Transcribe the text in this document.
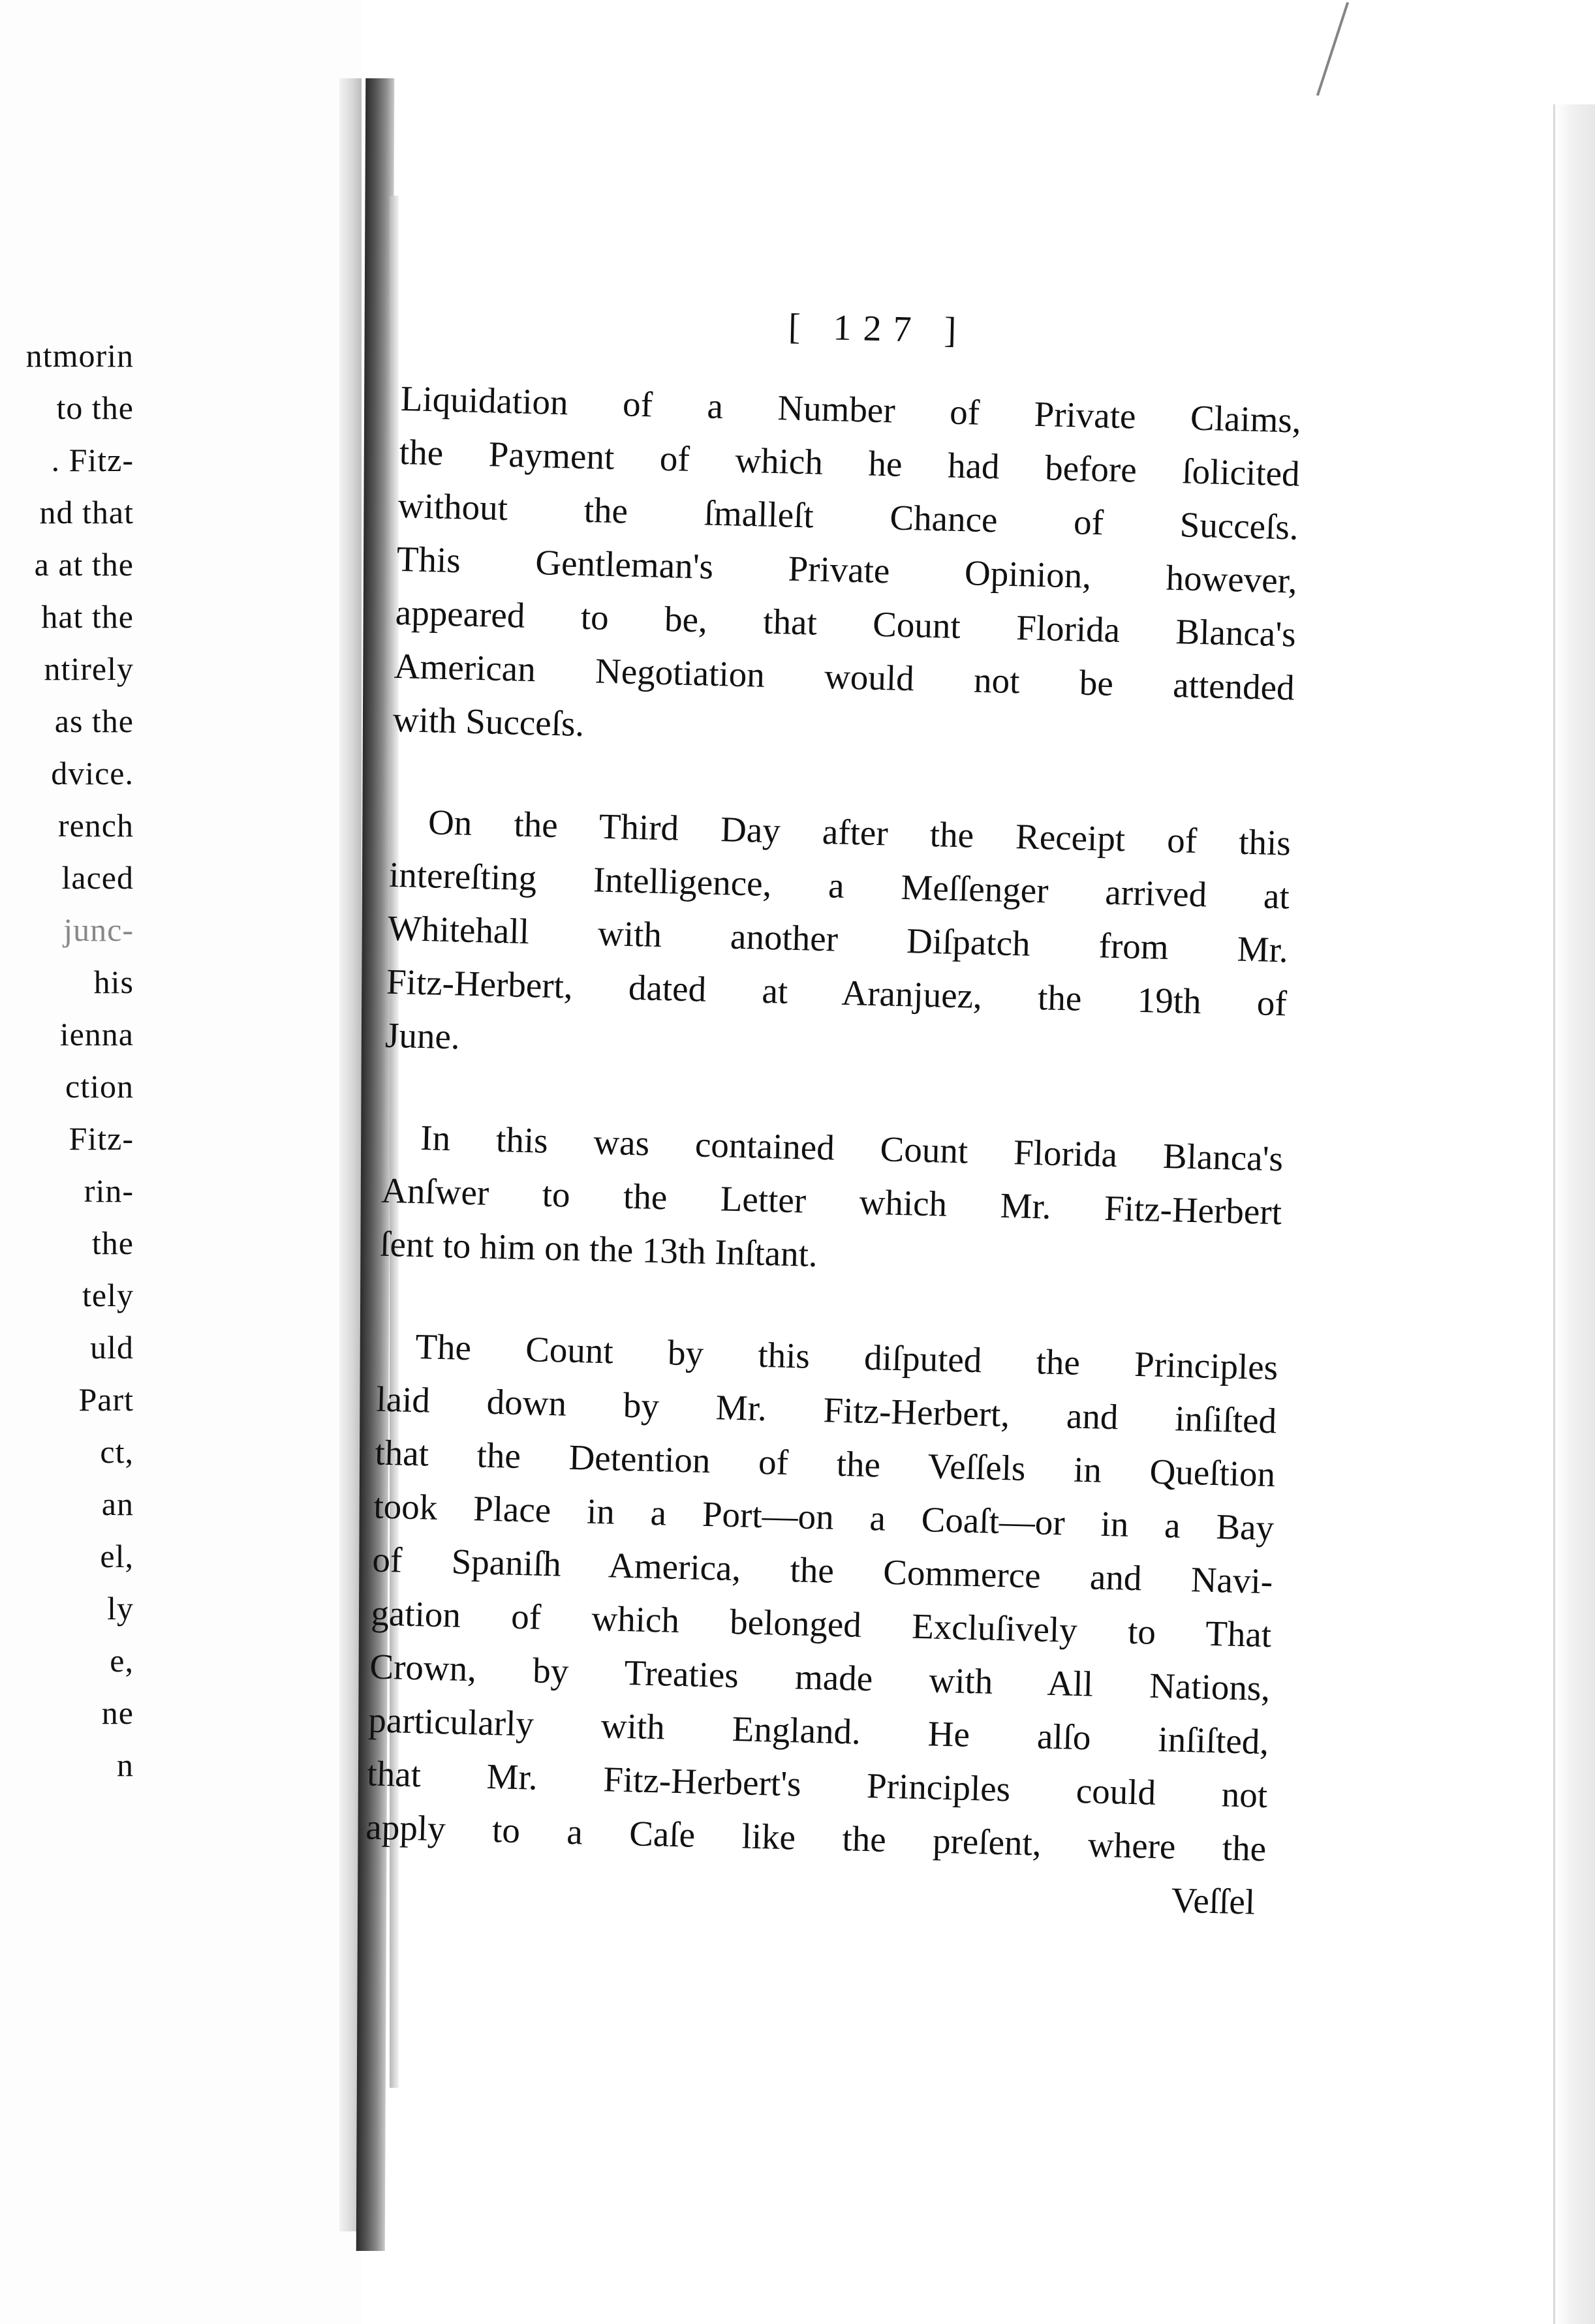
ntmorin
to the
. Fitz-
nd that
a at the
hat the
ntirely
as the
dvice.
rench
laced
junc-
his
ienna
ction
Fitz-
rin-
the
tely
uld
Part
ct,
an
el,
ly
e,
ne
n
[ 127 ]
Liquidation of a Number of Private Claims,
the Payment of which he had before ſolicited
without the ſmalleſt Chance of Succeſs.
This Gentleman's Private Opinion, however,
appeared to be, that Count Florida Blanca's
American Negotiation would not be attended
with Succeſs.
On the Third Day after the Receipt of this
intereſting Intelligence, a Meſſenger arrived at
Whitehall with another Diſpatch from Mr.
Fitz-Herbert, dated at Aranjuez, the 19th of
June.
In this was contained Count Florida Blanca's
Anſwer to the Letter which Mr. Fitz-Herbert
ſent to him on the 13th Inſtant.
The Count by this diſputed the Principles
laid down by Mr. Fitz-Herbert, and inſiſted
that the Detention of the Veſſels in Queſtion
took Place in a Port—on a Coaſt—or in a Bay
of Spaniſh America, the Commerce and Navi-
gation of which belonged Excluſively to That
Crown, by Treaties made with All Nations,
particularly with England. He alſo inſiſted,
that Mr. Fitz-Herbert's Principles could not
apply to a Caſe like the preſent, where the
Veſſel
